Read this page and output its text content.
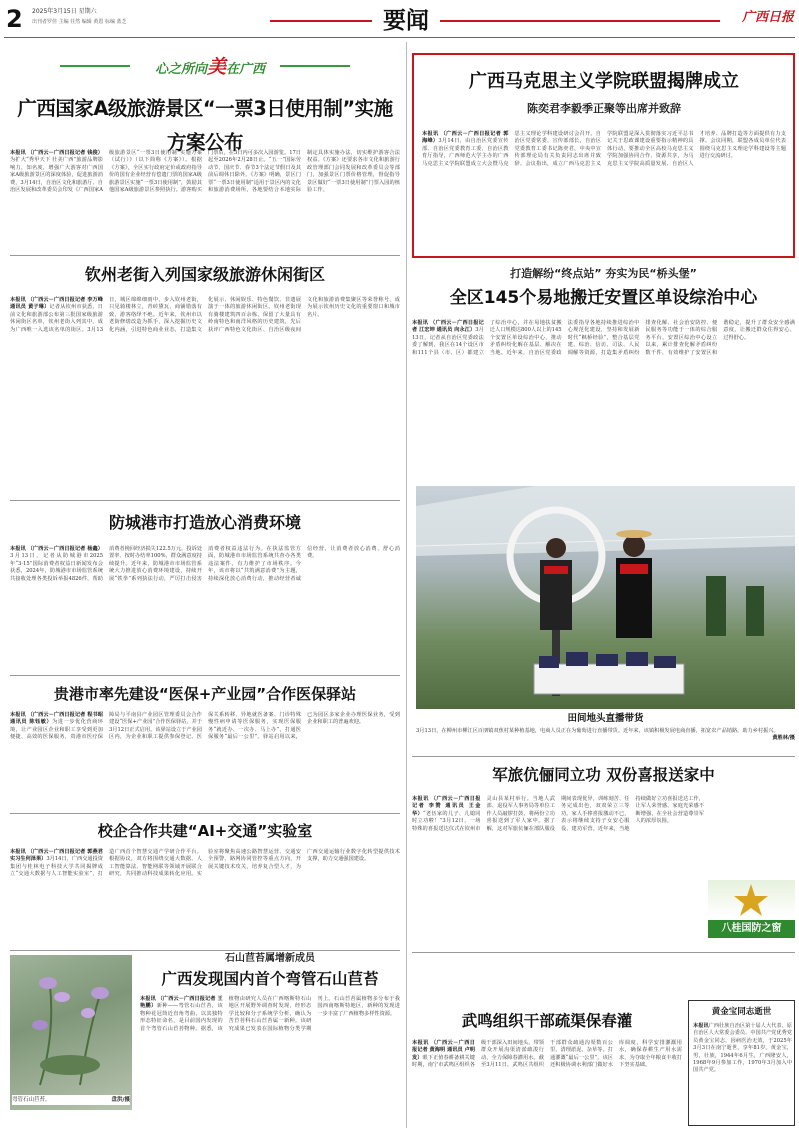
2	2025年3月15日 星期六
出刊者罗佳 主编 任然 编辑 黄恩 标编 蓝芝	要闻	广西日报
心之所向美在广西
广西国家A级旅游景区“一票3日使用制”实施方案公布
本报讯 （广西云－广西日报记者 钱俊）为扩大“秀甲天下 壮美广西”旅游品牌影响力，知名度，增强广大游客对广西国家A级旅游景区的深度体验，促进旅游消费，3月14日，自治区文化和旅游厅、自治区发展和改革委员会印发《广西国家A级旅游景区“一票3日使用制”实施方案（试行）》（以下简称《方案》）。根据《方案》，全区实行政府定价或政府指导价的国有企业经营有偿遗门票的国家A级旅游景区实施“一票3日使用制”，鼓励其他国家A级旅游景区参照执行。游客购买门票后，在3日内可多次入园游览。17日起至2026年2月28日止。“五一”国际劳动节、国庆节、春节3个法定节假日及其前后调休日除外。《方案》明确，景区门票“一票3日使用制”适用于景区内的文化和旅游消费场所，各地要结合本地实际制定具体实施办法，切实维护游客合法权益。《方案》还要求各市文化和旅游行政管理部门会同发展和改革委员会等部门，加强景区门票价格管理，督促指导景区做好“一票3日使用制”门票入园的核验工作。
钦州老街入列国家级旅游休闲街区
本报讯 （广西云－广西日报记者 李万峰 通讯员 黄子琳）记者从钦州市获悉，日前文化和旅游部公布第三批国家级旅游休闲街区名单，钦州老街入列其中，成为广西唯一入选该名单的街区。3月13日，城区绵绵细雨中，步入钦州老街，只见骑楼林立，青砖黛瓦，商铺错落有致，游客络绎不绝。近年来，钦州市以老街修缮改造为抓手，深入挖掘历史文化内涵，引进特色商业业态，打造集文化展示、休闲娱乐、特色餐饮、非遗展演于一体的旅游休闲街区。钦州老街现有骑楼建筑四百余栋，保留了大量具有岭南特色和南洋风格的历史建筑，先后获评广西特色文化街区、自治区级夜间文化和旅游消费集聚区等荣誉称号，成为展示钦州历史文化的重要窗口和城市名片。
防城港市打造放心消费环境
本报讯 （广西云－广西日报记者 杨鑫）3月13日，记者从防城港市2025年“3·15”国际消费者权益日新闻发布会获悉，2024年，防城港市市场监管系统共接收处理各类投诉举报4826件，帮助消费者挽回经济损失122.5万元，投诉处置率、按时办结率100%，群众满意度持续提升。近年来，防城港市市场监管系统大力推进放心消费环境建设，持续开展“铁拳”系列执法行动，严厉打击侵害消费者权益违法行为。在执法监管方面，防城港市市场监管系统共查办各类违法案件，有力维护了市场秩序。今年，该市将以“共筑满意消费”为主题，持续深化放心消费行动，推动经营者诚信经营，让消费者放心消费、舒心消费。
贵港市率先建设“医保+产业园”合作医保驿站
本报讯 （广西云－广西日报记者 程书昭 通讯员 陈钰敏）为进一步优化营商环境，让产业园区企业和职工享受到更加便捷、高效的医保服务，贵港市医疗保障局与平南县产业园区管理委员会合作建设“医保+产业园”合作医保驿站，并于3月12日正式启用。该驿站设立于产业园区内，为企业和职工提供参保登记、医保关系转移、异地就医备案、门诊特殊慢性病申请等医保服务，实现医保服务“就近办、一次办、马上办”，打通医保服务“最后一公里”。驿站启用以来，已为园区多家企业办理医保业务，受到企业和职工的普遍欢迎。
校企合作共建“AI+交通”实验室
本报讯 （广西云－广西日报记者 郭燕君 实习生何泽果）3月14日，广西交通投资集团与桂林电子科技大学共同揭牌成立“交通大数据与人工智能实验室”，打造广西首个智慧交通产学研合作平台。根据协议，双方将围绕交通大数据、人工智能算法、智能网联等领域开展联合研究，共同推动科技成果转化应用。实验室将聚焦高速公路智慧运营、交通安全预警、路网协同管控等重点方向，开展关键技术攻关，培养复合型人才，为广西交通运输行业数字化转型提供技术支撑，助力交通强国建设。
弯管石山苣苔。	盘洪/摄
石山苣苔属增新成员
广西发现国内首个弯管石山苣苔
本报讯 （广西云－广西日报记者 王艳鹏）新种——弯管石山苣苔，该物种花冠筒近直角弯曲，以其独特形态特征命名，是目前国内发现的首个弯管石山苣苔物种。据悉，该植物由研究人员在广西喀斯特石山地区开展野外调查时发现，经形态学比较和分子系统学分析，确认为苦苣苔科石山苣苔属一新种。该研究成果已发表在国际植物分类学期刊上。石山苣苔属植物多分布于我国西南喀斯特地区，新种的发现进一步丰富了广西植物多样性资源。
广西马克思主义学院联盟揭牌成立
陈奕君李毅季正聚等出席并致辞
本报讯 （广西云－广西日报记者 郭海峰）3月14日，由自治区党委宣传部、自治区党委教育工委、自治区教育厅指导，广西师范大学主办的广西马克思主义学院联盟成立大会暨马克思主义理论学科建设研讨会召开。自治区党委常委、宣传部部长，自治区党委教育工委书记陈奕君，中央中宣传部理论局有关负责同志出席并致辞。会议指出，成立广西马克思主义学院联盟是深入贯彻落实习近平总书记关于思政课建设重要指示精神的具体行动，要推动全区高校马克思主义学院加强协同合作、资源共享，为马克思主义学院高质量发展、自治区人才培养、品牌打造等方面提供有力支撑。会议同期，联盟各成员单位代表围绕马克思主义理论学科建设等主题进行交流研讨。
打造解纷“终点站” 夯实为民“桥头堡”
全区145个易地搬迁安置区单设综治中心
本报讯 （广西云－广西日报记者 江宏坤 通讯员 向永江）3月13日，记者从自治区党委政法委了解到，我区在14个设区市和111个县（市、区）都建立了综治中心，并在易地扶贫搬迁人口规模达800人以上的145个安置区单设综治中心，推动矛盾纠纷化解在基层、解决在当地。近年来，自治区党委政法委指导各地持续推进综治中心规范化建设，坚持和发展新时代“枫桥经验”，整合基层党建、综治、信访、司法、人民调解等资源，打造集矛盾纠纷排查化解、社会治安防控、便民服务等功能于一体的综合服务平台。安置区综治中心设立以来，累计排查化解矛盾纠纷数千件，有效维护了安置区和谐稳定，提升了群众安全感满意度，让搬迁群众住得安心、过得舒心。
田间地头直播带货
3月13日，在柳州市柳江区百朋镇双蕉村某种植基地，电商人员正在为葡萄进行直播带货。近年来，该镇积极发展电商直播，拓宽农产品销路，助力乡村振兴。
黄胜林/摄
军旅伉俪同立功 双份喜报送家中
本报讯 （广西云－广西日报记者 李赞 通讯员 王金华）“老伍家的儿子、儿媳同时立功啦！”3月12日，一场特殊的喜报送达仪式在钦州市灵山县某村举行。当地人武部、退役军人事务局等单位工作人员敲锣打鼓，将两份立功喜报送到了军人家中。据了解，这对军旅伉俪在部队服役期间表现优异，训练刻苦、任务完成出色，双双荣立三等功。家人手捧喜报激动不已，表示将继续支持子女安心服役、建功军营。近年来，当地持续做好立功喜报送达工作，让军人荣誉感、家庭光荣感不断增强，在全社会营造尊崇军人的浓厚氛围。
八桂国防之窗
武鸣组织干部疏渠保春灌
本报讯 （广西云－广西日报记者 黄海明 通讯员 卢明发）眼下正值春耕备耕关键时期，南宁市武鸣区组织各级干部深入田间地头，带领群众开展沟渠清淤疏浚行动，全力保障春灌用水。截至3月11日，武鸣区共组织干部群众疏通沟渠数百公里，清理淤泥、杂草等，打通灌溉“最后一公里”。该区还积极协调水利部门做好水库调度，科学安排灌溉用水，确保春耕生产用水需求，为夺取全年粮食丰收打下坚实基础。
黄金宝同志逝世
本报讯广西壮族自治区第十届人大代表、原自治区人大常委会委员、中国共产党优秀党员黄金宝同志，因病医治无效，于2025年3月3日在南宁逝世，享年81岁。黄金宝，男，壮族，1944年6月生，广西隆安人，1968年9月参加工作，1970年3月加入中国共产党。
